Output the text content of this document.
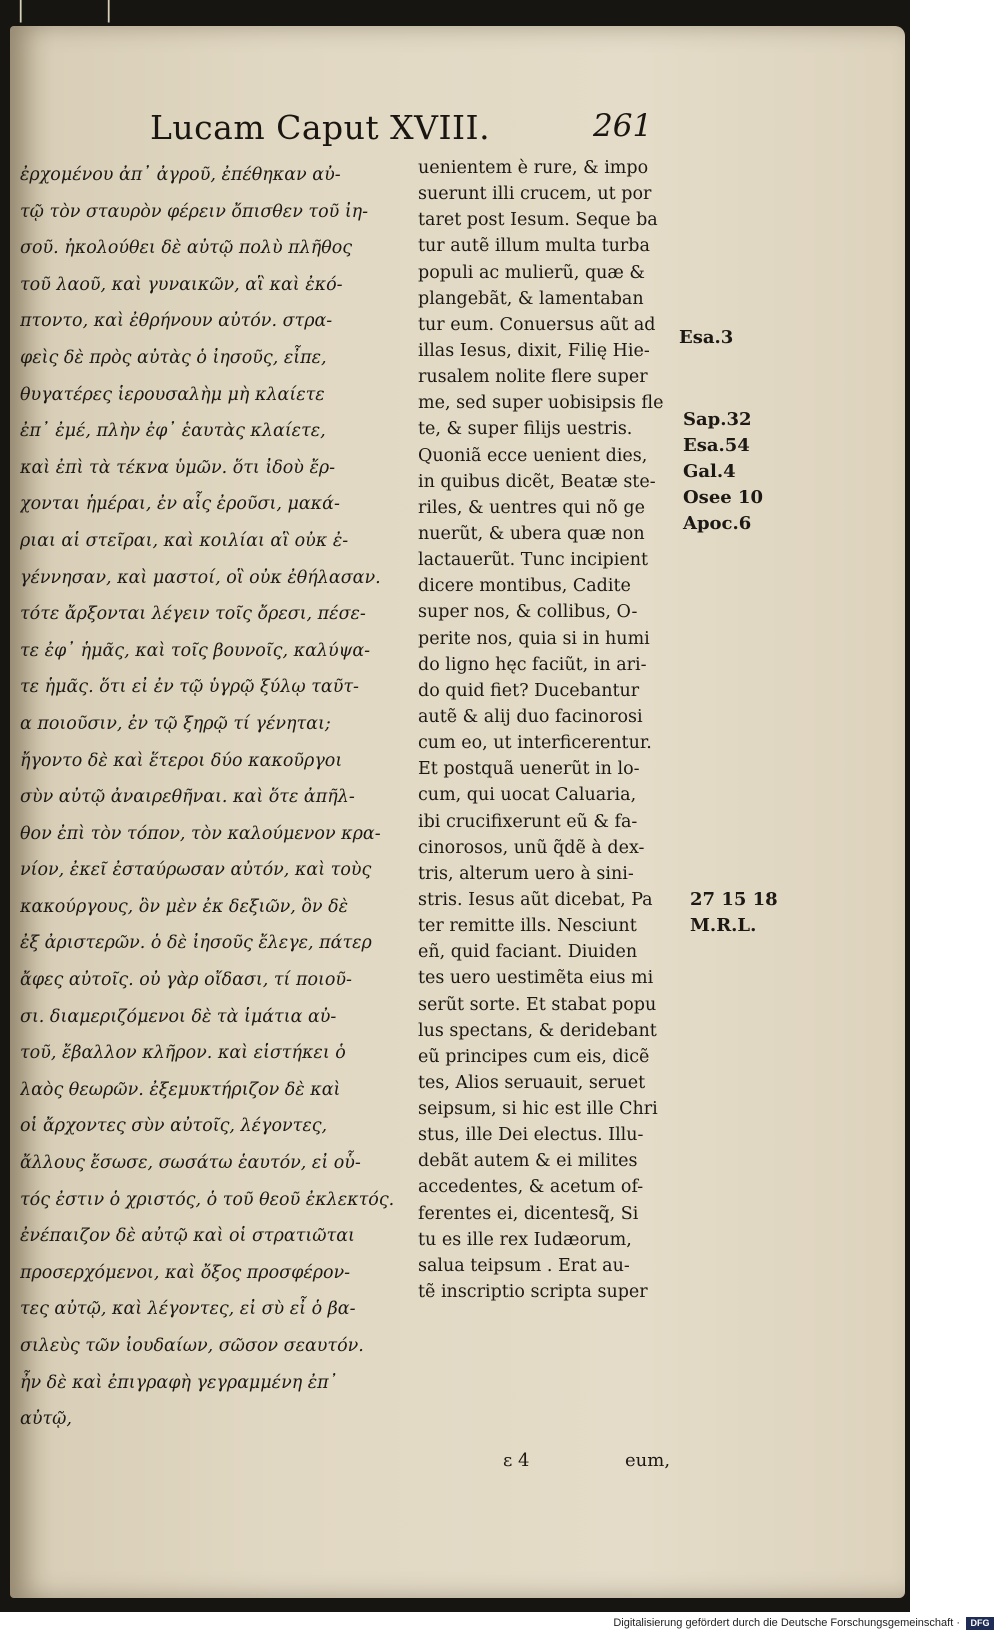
|	|
Lucam Caput XVIII.	261
ἐρχομένου ἀπ᾽ ἀγροῦ, ἐπέθηκαν αὐ-
τῷ τὸν σταυρὸν φέρειν ὄπισθεν τοῦ ἰη-
σοῦ. ἠκολούθει δὲ αὐτῷ πολὺ πλῆθος
τοῦ λαοῦ, καὶ γυναικῶν, αἳ καὶ ἐκό-
πτοντο, καὶ ἐθρήνουν αὐτόν. στρα-
φεὶς δὲ πρὸς αὐτὰς ὁ ἰησοῦς, εἶπε,
θυγατέρες ἱερουσαλὴμ μὴ κλαίετε
ἐπ᾽ ἐμέ, πλὴν ἐφ᾽ ἑαυτὰς κλαίετε,
καὶ ἐπὶ τὰ τέκνα ὑμῶν. ὅτι ἰδοὺ ἔρ-
χονται ἡμέραι, ἐν αἷς ἐροῦσι, μακά-
ριαι αἱ στεῖραι, καὶ κοιλίαι αἳ οὐκ ἐ-
γέννησαν, καὶ μαστοί, οἳ οὐκ ἐθήλασαν.
τότε ἄρξονται λέγειν τοῖς ὄρεσι, πέσε-
τε ἐφ᾽ ἡμᾶς, καὶ τοῖς βουνοῖς, καλύψα-
τε ἡμᾶς. ὅτι εἰ ἐν τῷ ὑγρῷ ξύλῳ ταῦτ-
α ποιοῦσιν, ἐν τῷ ξηρῷ τί γένηται;
ἤγοντο δὲ καὶ ἕτεροι δύο κακοῦργοι
σὺν αὐτῷ ἀναιρεθῆναι. καὶ ὅτε ἀπῆλ-
θον ἐπὶ τὸν τόπον, τὸν καλούμενον κρα-
νίον, ἐκεῖ ἐσταύρωσαν αὐτόν, καὶ τοὺς
κακούργους, ὃν μὲν ἐκ δεξιῶν, ὃν δὲ
ἐξ ἀριστερῶν. ὁ δὲ ἰησοῦς ἔλεγε, πάτερ
ἄφες αὐτοῖς. οὐ γὰρ οἴδασι, τί ποιοῦ-
σι. διαμεριζόμενοι δὲ τὰ ἱμάτια αὐ-
τοῦ, ἔβαλλον κλῆρον. καὶ εἱστήκει ὁ
λαὸς θεωρῶν. ἐξεμυκτήριζον δὲ καὶ
οἱ ἄρχοντες σὺν αὐτοῖς, λέγοντες,
ἄλλους ἔσωσε, σωσάτω ἑαυτόν, εἰ οὗ-
τός ἐστιν ὁ χριστός, ὁ τοῦ θεοῦ ἐκλεκτός.
ἐνέπαιζον δὲ αὐτῷ καὶ οἱ στρατιῶται
προσερχόμενοι, καὶ ὄξος προσφέρον-
τες αὐτῷ, καὶ λέγοντες, εἰ σὺ εἶ ὁ βα-
σιλεὺς τῶν ἰουδαίων, σῶσον σεαυτόν.
ἦν δὲ καὶ ἐπιγραφὴ γεγραμμένη ἐπ᾽
αὐτῷ,
uenientem è rure, & impo
suerunt illi crucem, ut por
taret post Iesum. Seque ba
tur autẽ illum multa turba
populi ac mulierũ, quæ &
plangebãt, & lamentaban
tur eum. Conuersus aũt ad
illas Iesus, dixit, Filię Hie-
rusalem nolite flere super
me, sed super uobisipsis fle
te, & super filijs uestris.
Quoniã ecce uenient dies,
in quibus dicẽt, Beatæ ste-
riles, & uentres qui nõ ge
nuerũt, & ubera quæ non
lactauerũt. Tunc incipient
dicere montibus, Cadite
super nos, & collibus, O-
perite nos, quia si in humi
do ligno hęc faciũt, in ari-
do quid fiet? Ducebantur
autẽ & alij duo facinorosi
cum eo, ut interficerentur.
Et postquã uenerũt in lo-
cum, qui uocat Caluaria,
ibi crucifixerunt eũ & fa-
cinorosos, unũ q̃dẽ à dex-
tris, alterum uero à sini-
stris. Iesus aũt dicebat, Pa
ter remitte ills. Nesciunt
eñ, quid faciant. Diuiden
tes uero uestimẽta eius mi
serũt sorte. Et stabat popu
lus spectans, & deridebant
eũ principes cum eis, dicẽ
tes, Alios seruauit, seruet
seipsum, si hic est ille Chri
stus, ille Dei electus. Illu-
debãt autem & ei milites
accedentes, & acetum of-
ferentes ei, dicentesq̃, Si
tu es ille rex Iudæorum,
salua teipsum . Erat au-
tẽ inscriptio scripta super
ε 4	eum,
Esa.3
Sap.32
Esa.54
Gal.4
Osee 10
Apoc.6
27 15 18
M.R.L.
Digitalisierung gefördert durch die Deutsche Forschungsgemeinschaft ·	DFG
